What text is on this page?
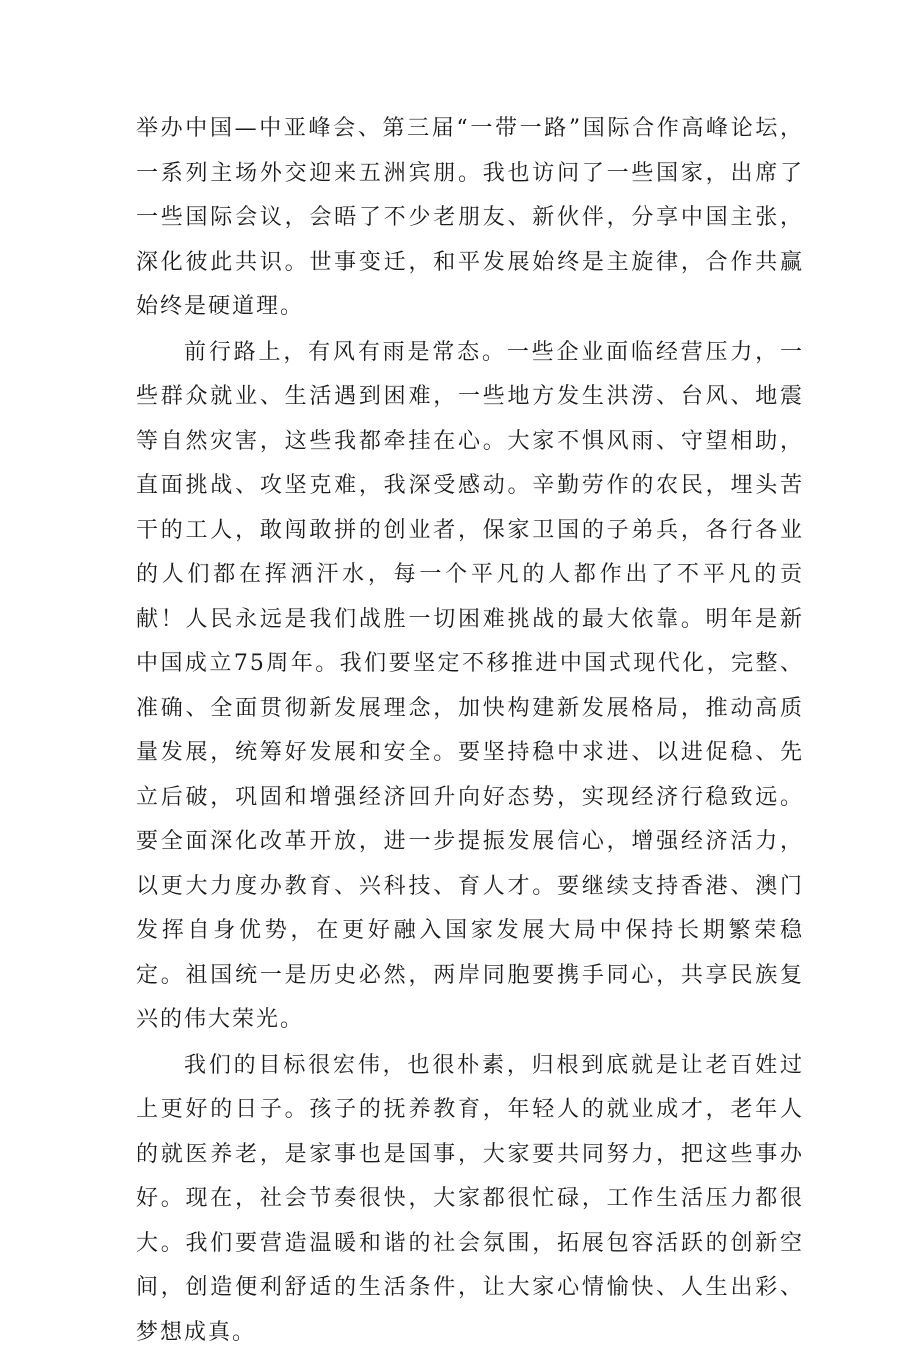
举办中国—中亚峰会、第三届“一带一路”国际合作高峰论坛，一系列主场外交迎来五洲宾朋。我也访问了一些国家，出席了一些国际会议，会晤了不少老朋友、新伙伴，分享中国主张，深化彼此共识。世事变迁，和平发展始终是主旋律，合作共赢始终是硬道理。

前行路上，有风有雨是常态。一些企业面临经营压力，一些群众就业、生活遇到困难，一些地方发生洪涝、台风、地震等自然灾害，这些我都牵挂在心。大家不惧风雨、守望相助，直面挑战、攻坚克难，我深受感动。辛勤劳作的农民，埋头苦干的工人，敢闯敢拼的创业者，保家卫国的子弟兵，各行各业的人们都在挥洒汗水，每一个平凡的人都作出了不平凡的贡献！人民永远是我们战胜一切困难挑战的最大依靠。明年是新中国成立75周年。我们要坚定不移推进中国式现代化，完整、准确、全面贯彻新发展理念，加快构建新发展格局，推动高质量发展，统筹好发展和安全。要坚持稳中求进、以进促稳、先立后破，巩固和增强经济回升向好态势，实现经济行稳致远。要全面深化改革开放，进一步提振发展信心，增强经济活力，以更大力度办教育、兴科技、育人才。要继续支持香港、澳门发挥自身优势，在更好融入国家发展大局中保持长期繁荣稳定。祖国统一是历史必然，两岸同胞要携手同心，共享民族复兴的伟大荣光。

我们的目标很宏伟，也很朴素，归根到底就是让老百姓过上更好的日子。孩子的抚养教育，年轻人的就业成才，老年人的就医养老，是家事也是国事，大家要共同努力，把这些事办好。现在，社会节奏很快，大家都很忙碌，工作生活压力都很大。我们要营造温暖和谐的社会氛围，拓展包容活跃的创新空间，创造便利舒适的生活条件，让大家心情愉快、人生出彩、梦想成真。
